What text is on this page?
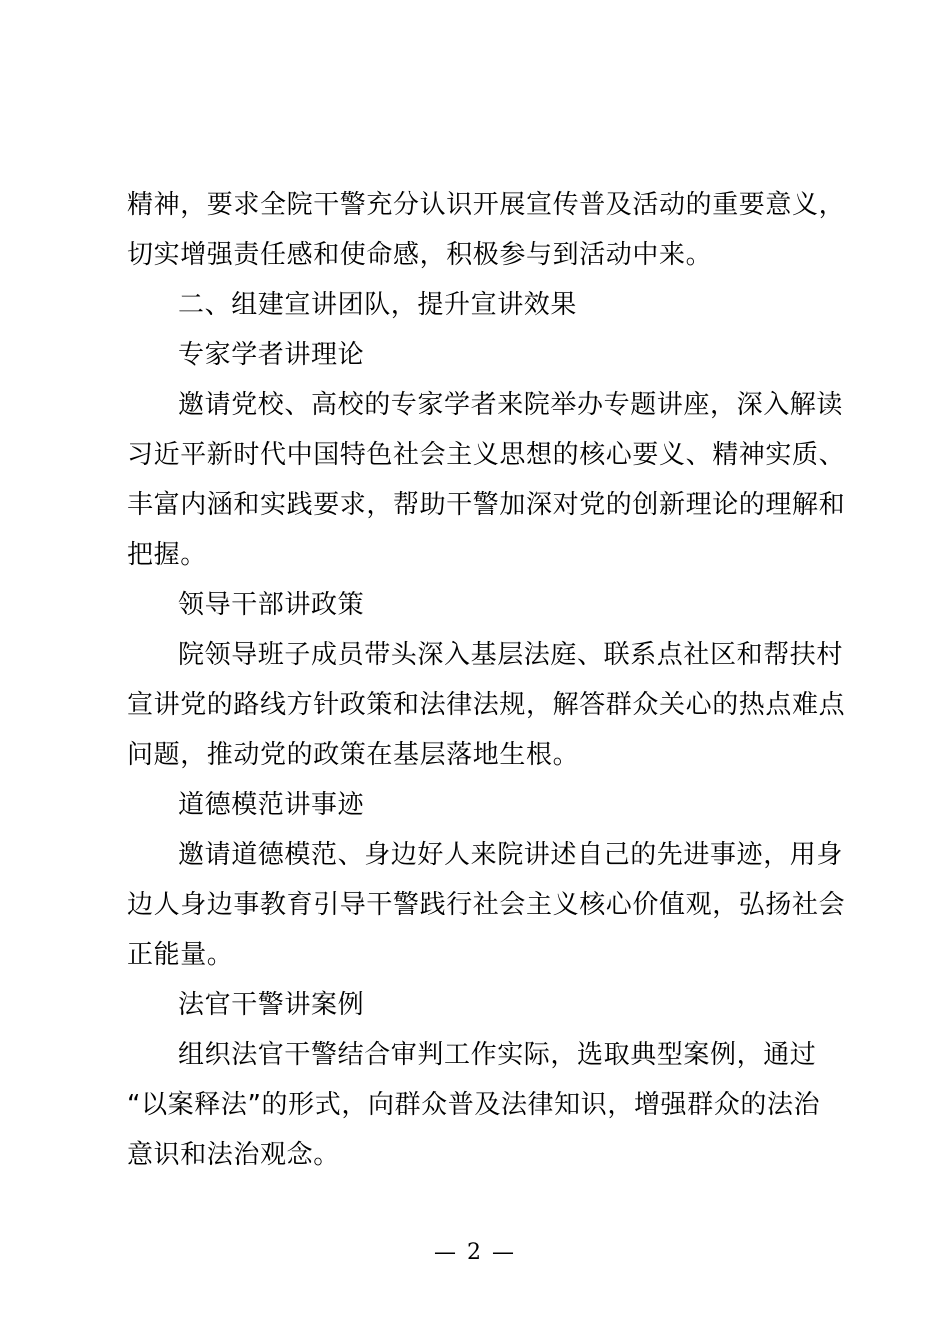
精神，要求全院干警充分认识开展宣传普及活动的重要意义，
切实增强责任感和使命感，积极参与到活动中来。
二、组建宣讲团队，提升宣讲效果
专家学者讲理论
邀请党校、高校的专家学者来院举办专题讲座，深入解读
习近平新时代中国特色社会主义思想的核心要义、精神实质、
丰富内涵和实践要求，帮助干警加深对党的创新理论的理解和
把握。
领导干部讲政策
院领导班子成员带头深入基层法庭、联系点社区和帮扶村
宣讲党的路线方针政策和法律法规，解答群众关心的热点难点
问题，推动党的政策在基层落地生根。
道德模范讲事迹
邀请道德模范、身边好人来院讲述自己的先进事迹，用身
边人身边事教育引导干警践行社会主义核心价值观，弘扬社会
正能量。
法官干警讲案例
组织法官干警结合审判工作实际，选取典型案例，通过
“以案释法”的形式，向群众普及法律知识，增强群众的法治
意识和法治观念。
— 2 —
